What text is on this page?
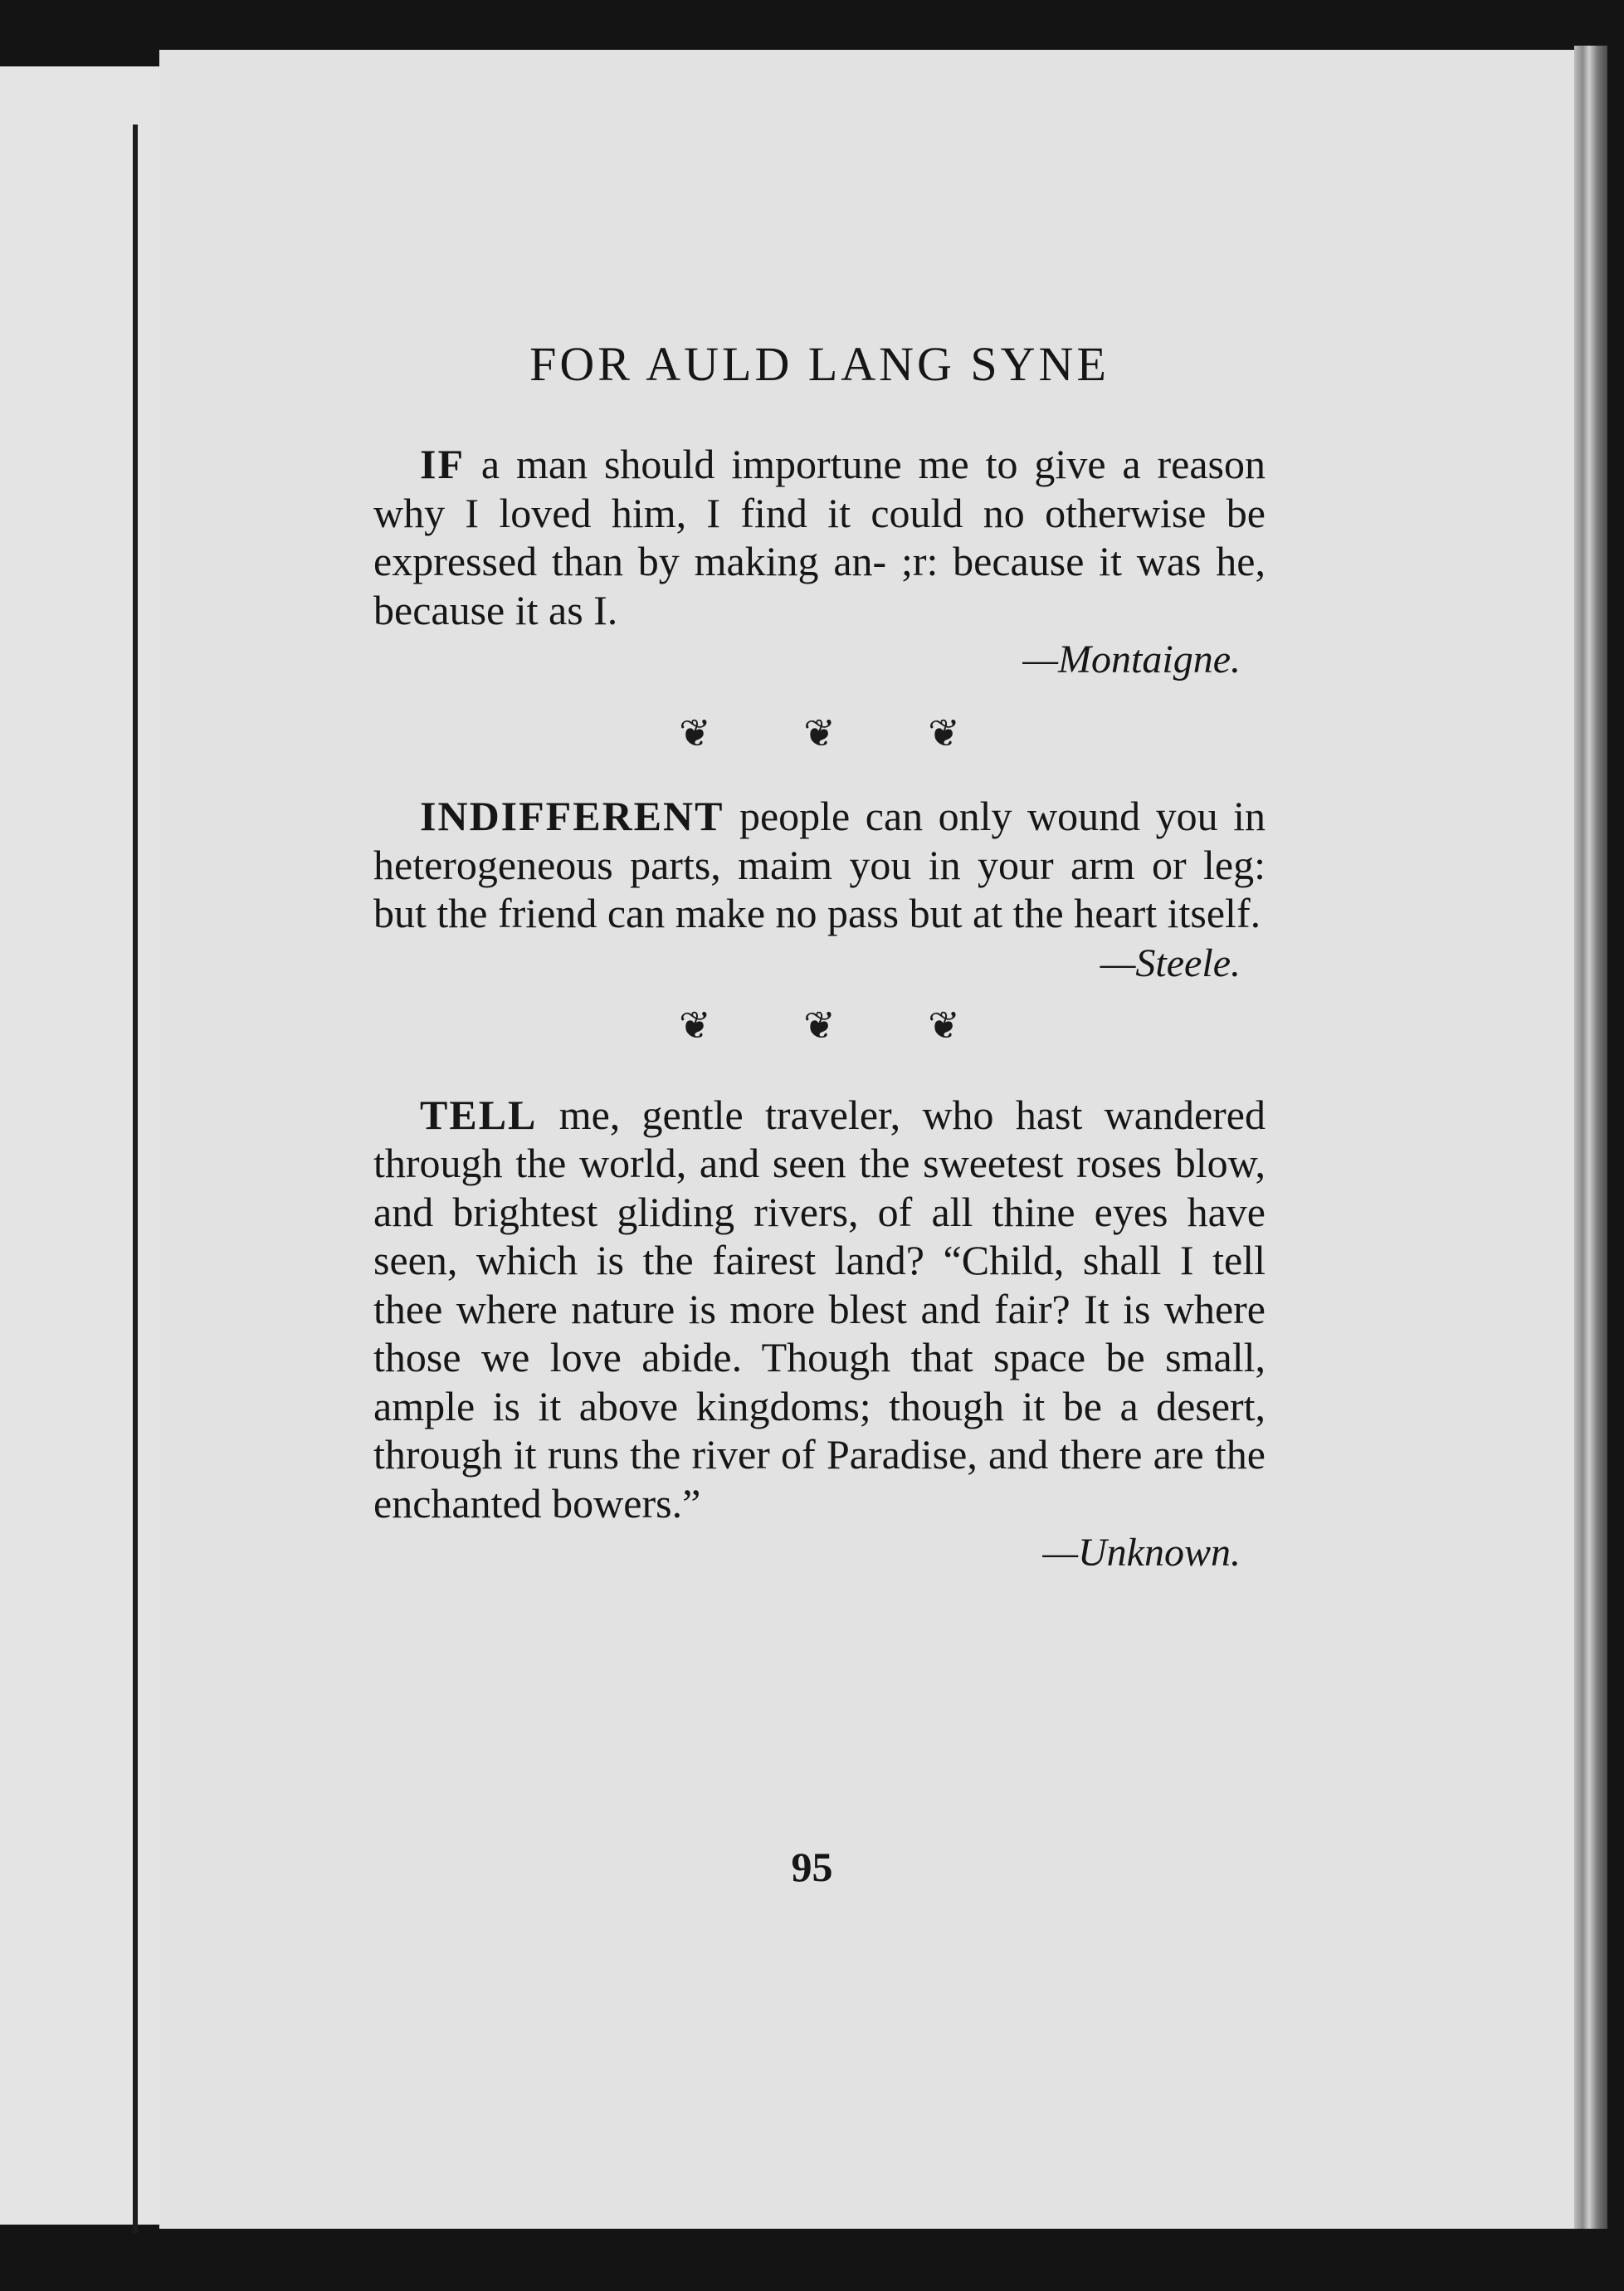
FOR AULD LANG SYNE

IF a man should importune me to give a reason why I loved him, I find it could no otherwise be expressed than by making an- ;r: because it was he, because it as I.

—Montaigne.

❦ ❦ ❦

INDIFFERENT people can only wound you in heterogeneous parts, maim you in your arm or leg: but the friend can make no pass but at the heart itself.

—Steele.

❦ ❦ ❦

TELL me, gentle traveler, who hast wandered through the world, and seen the sweetest roses blow, and brightest gliding rivers, of all thine eyes have seen, which is the fairest land? “Child, shall I tell thee where nature is more blest and fair? It is where those we love abide. Though that space be small, ample is it above kingdoms; though it be a desert, through it runs the river of Paradise, and there are the enchanted bowers.”

—Unknown.

95
